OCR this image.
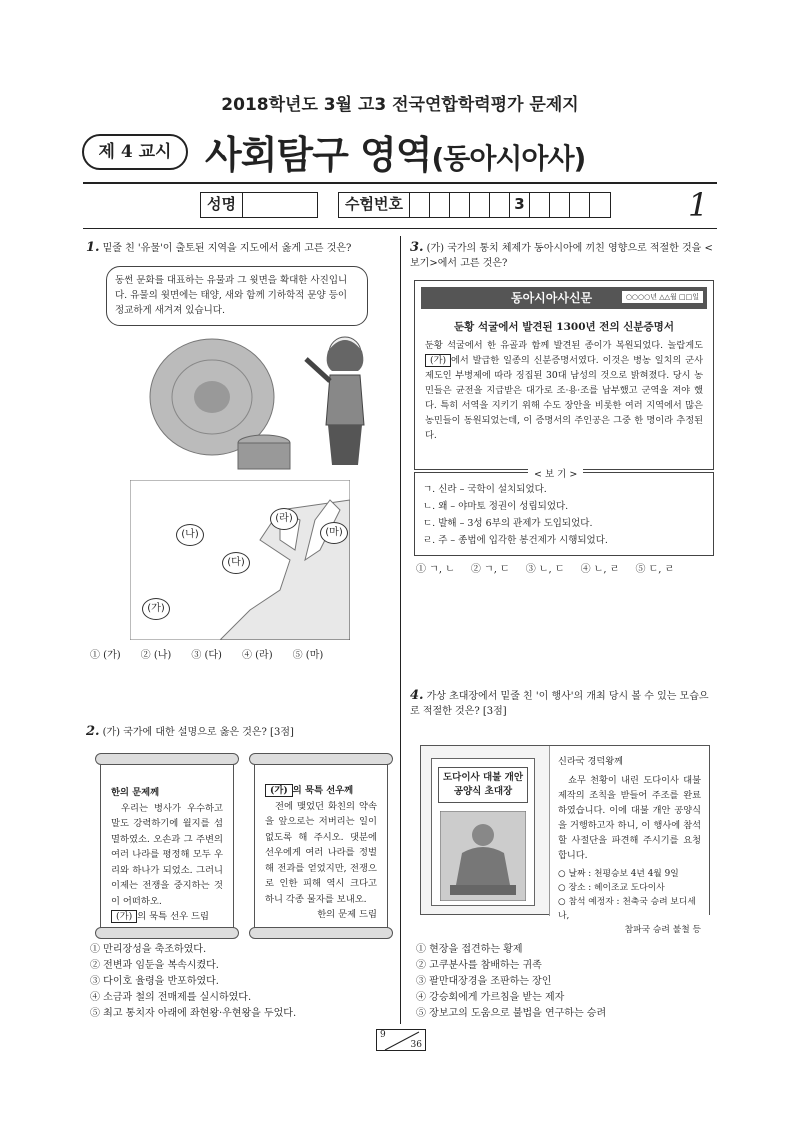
2018학년도 3월 고3 전국연합학력평가 문제지
제 4 교시 사회탐구 영역(동아시아사)
성명	수험번호	3	1
1. 밑줄 친 '유물'이 출토된 지역을 지도에서 옳게 고른 것은?
동썬 문화를 대표하는 유물과 그 윗면을 확대한 사진입니다. 유물의 윗면에는 태양, 새와 함께 기하학적 문양 등이 정교하게 새겨져 있습니다.
(나)
(라)
(마)
(다)
(가)
① (가) ② (나) ③ (다) ④ (라) ⑤ (마)
2. (가) 국가에 대한 설명으로 옳은 것은? [3점]
한의 문제께
우리는 병사가 우수하고 말도 강력하기에 월지를 섬멸하였소. 오손과 그 주변의 여러 나라를 평정해 모두 우리와 하나가 되었소. 그러니 이제는 전쟁을 중지하는 것이 어떠하오.
(가) 의 묵특 선우 드림
(가) 의 묵특 선우께
전에 맺었던 화친의 약속을 앞으로는 저버리는 일이 없도록 해 주시오. 댓분에 선우에게 여러 나라를 정벌해 전과를 얻었지만, 전쟁으로 인한 피해 역시 크다고 하니 각종 물자를 보내오.
한의 문제 드림
① 만리장성을 축조하였다.
② 전변과 임둔을 복속시켰다.
③ 다이호 율령을 반포하였다.
④ 소금과 철의 전매제를 실시하였다.
⑤ 최고 통치자 아래에 좌현왕·우현왕을 두었다.
3. (가) 국가의 통치 체제가 동아시아에 끼친 영향으로 적절한 것을 <보기>에서 고른 것은?
동아시아사신문	○○○○년 △△월 □□일
둔황 석굴에서 발견된 1300년 전의 신분증명서
둔황 석굴에서 한 유골과 함께 발견된 종이가 복원되었다. 놀랍게도 (가) 에서 발급한 일종의 신분증명서였다. 이것은 병농 일치의 군사 제도인 부병제에 따라 징집된 30대 남성의 것으로 밝혀졌다. 당시 농민들은 균전을 지급받은 대가로 조·용·조를 납부했고 군역을 져야 했다. 특히 서역을 지키기 위해 수도 장안을 비롯한 여러 지역에서 많은 농민들이 동원되었는데, 이 증명서의 주인공은 그중 한 명이라 추정된다.
ㄱ. 신라 – 국학이 설치되었다.
ㄴ. 왜 – 야마토 정권이 성립되었다.
ㄷ. 발해 – 3성 6부의 관제가 도입되었다.
ㄹ. 주 – 종법에 입각한 봉건제가 시행되었다.
< 보 기 >
① ㄱ, ㄴ ② ㄱ, ㄷ ③ ㄴ, ㄷ ④ ㄴ, ㄹ ⑤ ㄷ, ㄹ
4. 가상 초대장에서 밑줄 친 '이 행사'의 개최 당시 볼 수 있는 모습으로 적절한 것은? [3점]
도다이사 대불 개안 공양식 초대장
신라국 경덕왕께
쇼무 천황이 내린 도다이사 대불 제작의 조칙을 받들어 주조를 완료하였습니다. 이에 대불 개안 공양식을 거행하고자 하니, 이 행사에 참석할 사절단을 파견해 주시기를 요청합니다.
○ 날짜 : 천평승보 4년 4월 9일
○ 장소 : 헤이조교 도다이사
○ 참석 예정자 : 천축국 승려 보디세나,
참파국 승려 불철 등
① 현장을 접견하는 황제
② 고쿠분사를 참배하는 귀족
③ 팔만대장경을 조판하는 장인
④ 강승회에게 가르침을 받는 제자
⑤ 장보고의 도움으로 불법을 연구하는 승려
9
36
